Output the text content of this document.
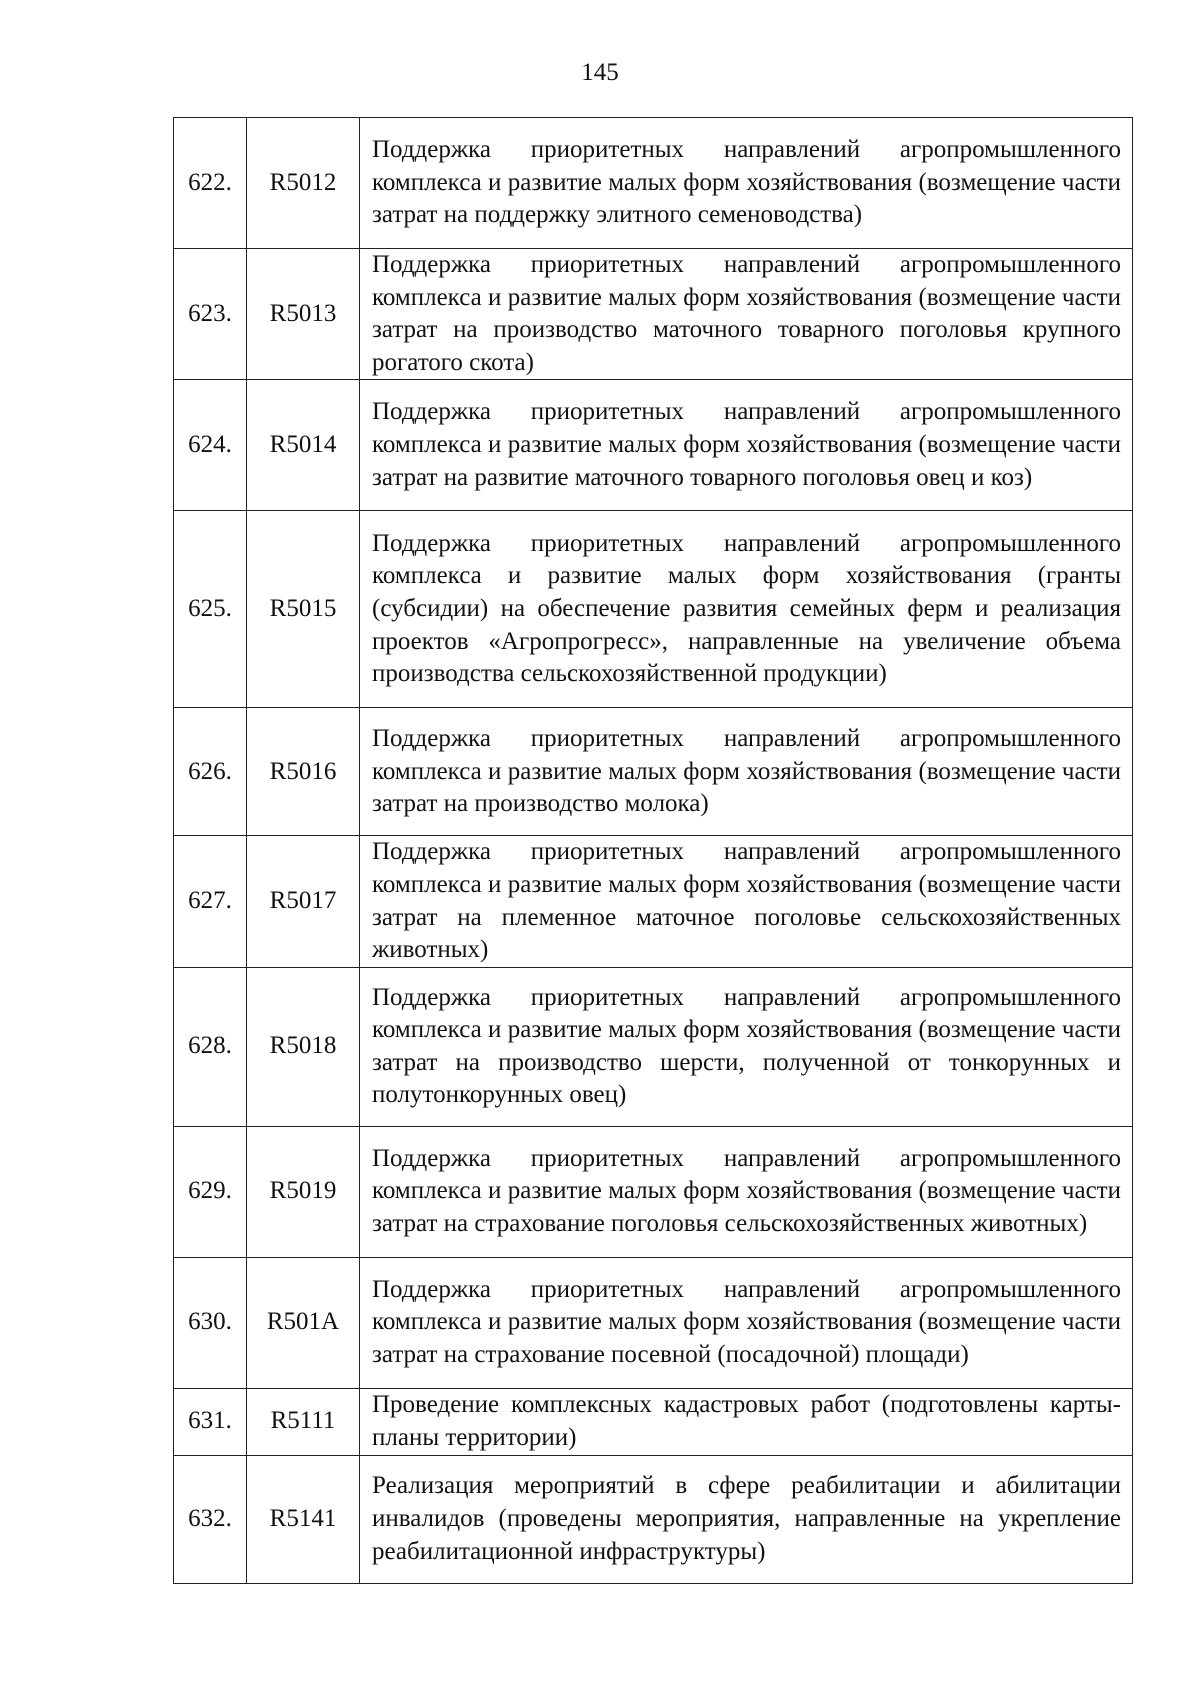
145
622.	R5012	Поддержка приоритетных направлений агропромышленного комплекса и развитие малых форм хозяйствования (возмещение части затрат на поддержку элитного семеноводства)

623.	R5013	Поддержка приоритетных направлений агропромышленного комплекса и развитие малых форм хозяйствования (возмещение части затрат на производство маточного товарного поголовья крупного рогатого скота)

624.	R5014	Поддержка приоритетных направлений агропромышленного комплекса и развитие малых форм хозяйствования (возмещение части затрат на развитие маточного товарного поголовья овец и коз)

625.	R5015	Поддержка приоритетных направлений агропромышленного комплекса и развитие малых форм хозяйствования (гранты (субсидии) на обеспечение развития семейных ферм и реализация проектов «Агропрогресс», направленные на увеличение объема производства сельскохозяйственной продукции)

626.	R5016	Поддержка приоритетных направлений агропромышленного комплекса и развитие малых форм хозяйствования (возмещение части затрат на производство молока)

627.	R5017	Поддержка приоритетных направлений агропромышленного комплекса и развитие малых форм хозяйствования (возмещение части затрат на племенное маточное поголовье сельскохозяйственных животных)

628.	R5018	Поддержка приоритетных направлений агропромышленного комплекса и развитие малых форм хозяйствования (возмещение части затрат на производство шерсти, полученной от тонкорунных и полутонкорунных овец)

629.	R5019	Поддержка приоритетных направлений агропромышленного комплекса и развитие малых форм хозяйствования (возмещение части затрат на страхование поголовья сельскохозяйственных животных)

630.	R501A	Поддержка приоритетных направлений агропромышленного комплекса и развитие малых форм хозяйствования (возмещение части затрат на страхование посевной (посадочной) площади)

631.	R5111	Проведение комплексных кадастровых работ (подготовлены карты-планы территории)

632.	R5141	Реализация мероприятий в сфере реабилитации и абилитации инвалидов (проведены мероприятия, направленные на укрепление реабилитационной инфраструктуры)
